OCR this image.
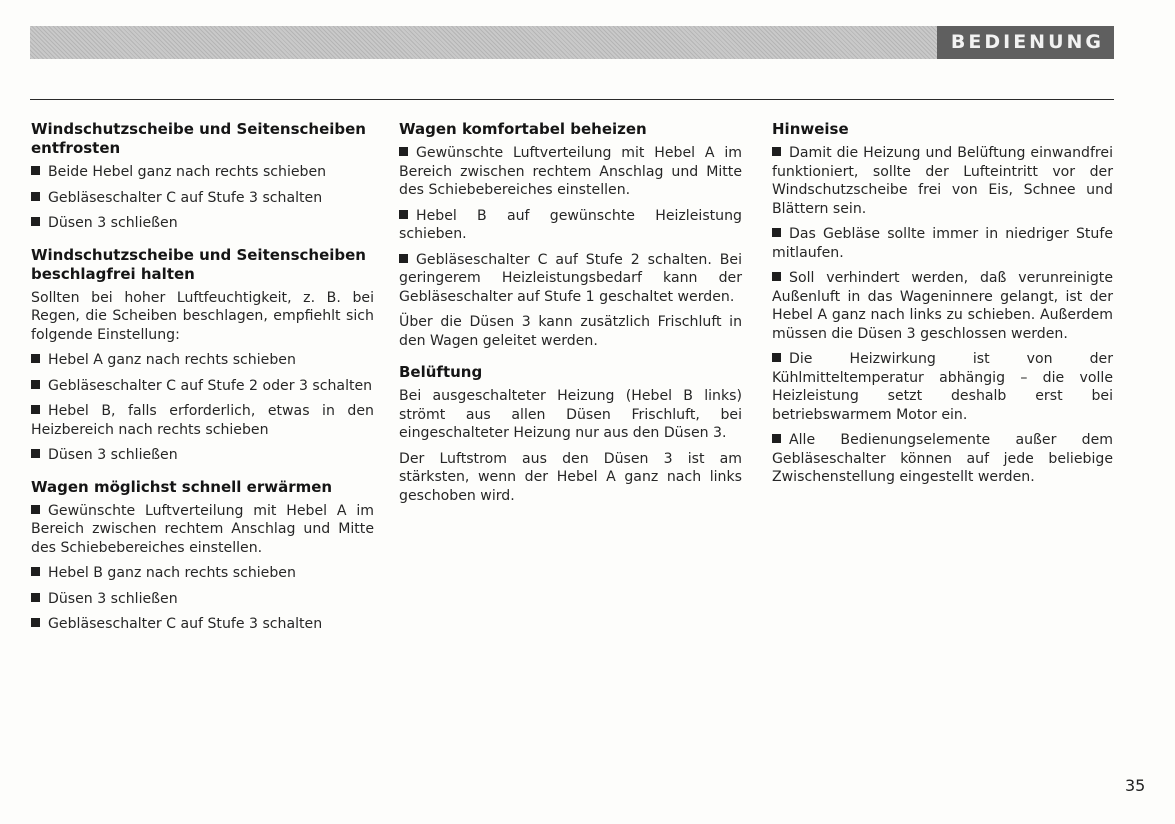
BEDIENUNG
Windschutzscheibe und Seitenscheiben entfrosten
Beide Hebel ganz nach rechts schieben
Gebläseschalter C auf Stufe 3 schalten
Düsen 3 schließen
Windschutzscheibe und Seitenscheiben beschlagfrei halten
Sollten bei hoher Luftfeuchtigkeit, z. B. bei Regen, die Scheiben beschlagen, empfiehlt sich folgende Einstellung:
Hebel A ganz nach rechts schieben
Gebläseschalter C auf Stufe 2 oder 3 schalten
Hebel B, falls erforderlich, etwas in den Heizbereich nach rechts schieben
Düsen 3 schließen
Wagen möglichst schnell erwärmen
Gewünschte Luftverteilung mit Hebel A im Bereich zwischen rechtem Anschlag und Mitte des Schiebebereiches einstellen.
Hebel B ganz nach rechts schieben
Düsen 3 schließen
Gebläseschalter C auf Stufe 3 schalten
Wagen komfortabel beheizen
Gewünschte Luftverteilung mit Hebel A im Bereich zwischen rechtem Anschlag und Mitte des Schiebebereiches einstellen.
Hebel B auf gewünschte Heizleistung schieben.
Gebläseschalter C auf Stufe 2 schalten. Bei geringerem Heizleistungsbedarf kann der Gebläseschalter auf Stufe 1 geschaltet werden.
Über die Düsen 3 kann zusätzlich Frischluft in den Wagen geleitet werden.
Belüftung
Bei ausgeschalteter Heizung (Hebel B links) strömt aus allen Düsen Frischluft, bei eingeschalteter Heizung nur aus den Düsen 3.
Der Luftstrom aus den Düsen 3 ist am stärksten, wenn der Hebel A ganz nach links geschoben wird.
Hinweise
Damit die Heizung und Belüftung einwandfrei funktioniert, sollte der Lufteintritt vor der Windschutzscheibe frei von Eis, Schnee und Blättern sein.
Das Gebläse sollte immer in niedriger Stufe mitlaufen.
Soll verhindert werden, daß verunreinigte Außenluft in das Wageninnere gelangt, ist der Hebel A ganz nach links zu schieben. Außerdem müssen die Düsen 3 geschlossen werden.
Die Heizwirkung ist von der Kühlmitteltemperatur abhängig – die volle Heizleistung setzt deshalb erst bei betriebswarmem Motor ein.
Alle Bedienungselemente außer dem Gebläseschalter können auf jede beliebige Zwischenstellung eingestellt werden.
35
